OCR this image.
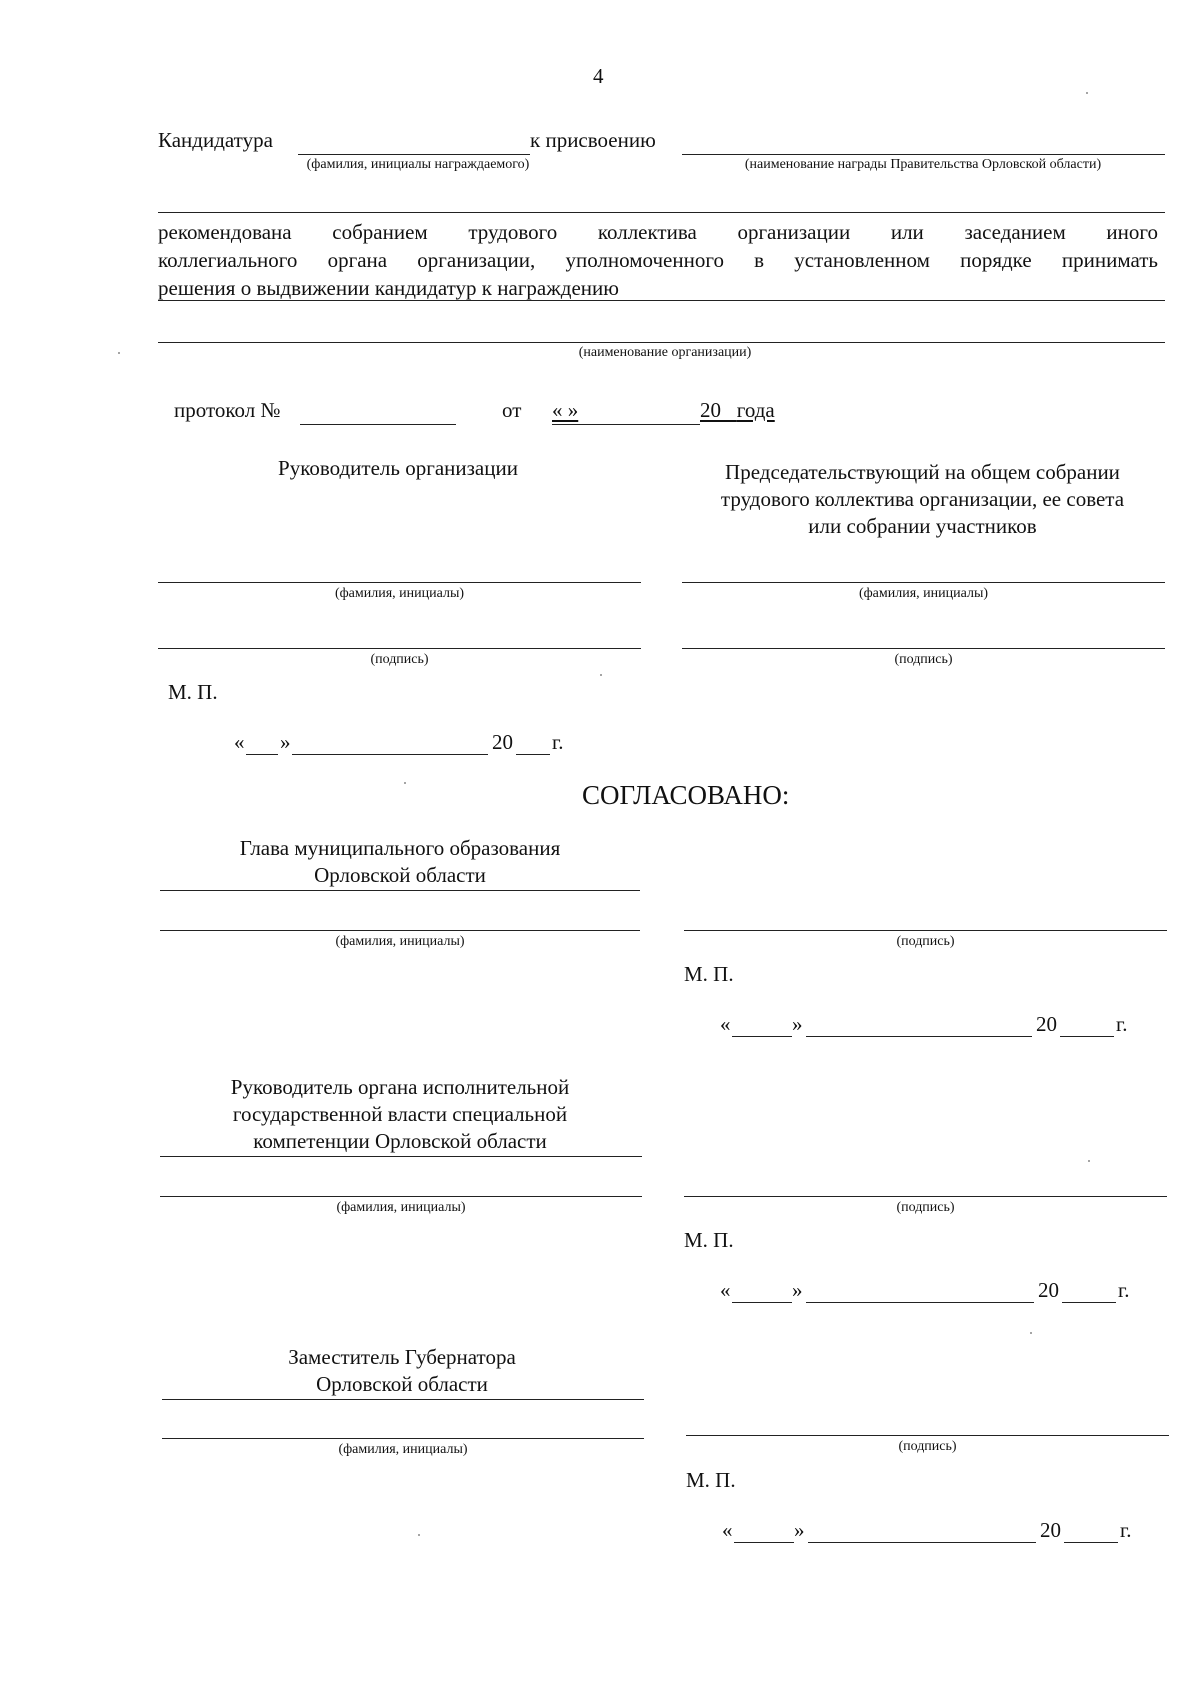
4
Кандидатура	к присвоению
(фамилия, инициалы награждаемого)	(наименование награды Правительства Орловской области)
рекомендована собранием трудового коллектива организации или заседанием иного
коллегиального органа организации, уполномоченного в установленном порядке принимать
решения о выдвижении кандидатур к награждению
(наименование организации)
протокол №	от « »	20 года
Руководитель организации	Председательствующий на общем собрании
трудового коллектива организации, ее совета
или собрании участников
(фамилия, инициалы)	(фамилия, инициалы)
(подпись)	(подпись)
М. П.
« »	20 г.
СОГЛАСОВАНО:
Глава муниципального образования
Орловской области
(фамилия, инициалы)	(подпись)
М. П.
«	»	20	г.
Руководитель органа исполнительной
государственной власти специальной
компетенции Орловской области
(фамилия, инициалы)	(подпись)
М. П.
«	»	20	г.
Заместитель Губернатора
Орловской области
(фамилия, инициалы)	(подпись)
М. П.
«	»	20	г.
